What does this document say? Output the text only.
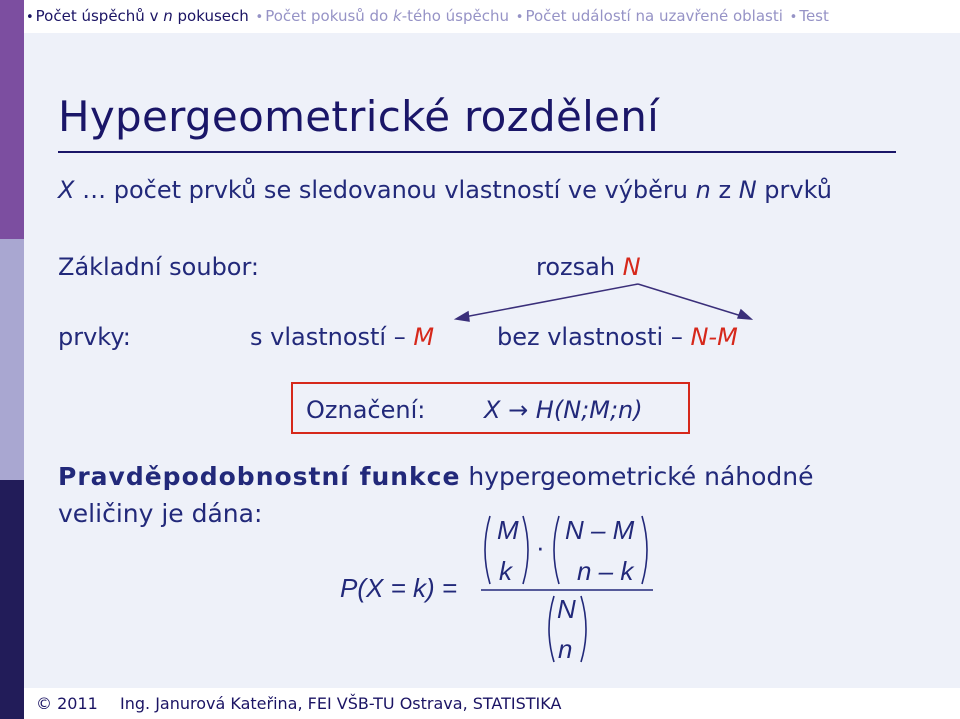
• Počet úspěchů v n pokusech • Počet pokusů do k-tého úspěchu • Počet událostí na uzavřené oblasti • Test
Hypergeometrické rozdělení
X … počet prvků se sledovanou vlastností ve výběru n z N prvků
Základní soubor:	rozsah N
prvky:	s vlastností – M	bez vlastnosti – N-M
Označení: X → H(N;M;n)
Pravděpodobnostní funkce hypergeometrické náhodné
veličiny je dána:
P(X = k) =
M
k
·
N – M
n – k
N
n
© 2011 Ing. Janurová Kateřina, FEI VŠB-TU Ostrava, STATISTIKA
